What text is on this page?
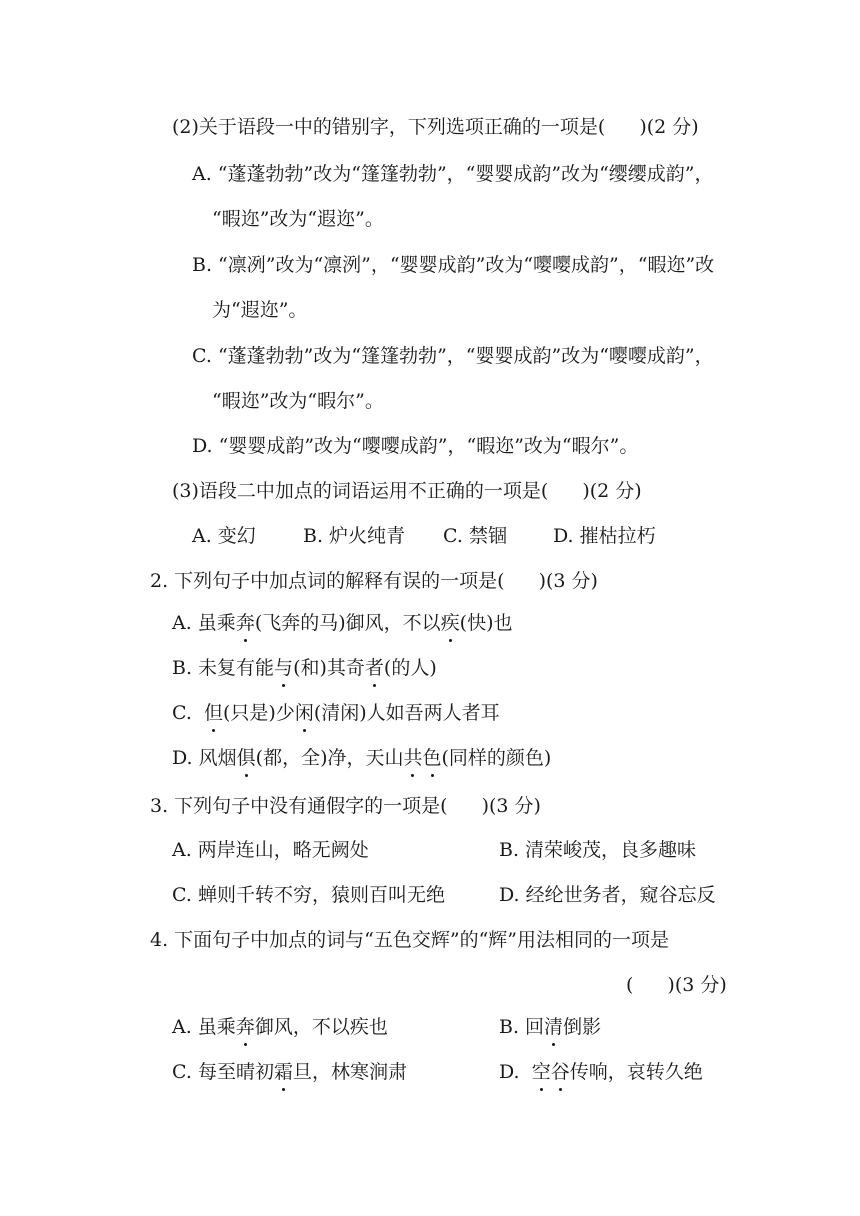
(2)关于语段一中的错别字，下列选项正确的一项是( )(2 分)
A. “蓬蓬勃勃”改为“篷篷勃勃”，“婴婴成韵”改为“缨缨成韵”，
“暇迩”改为“遐迩”。
B. “凛冽”改为“凛洌”，“婴婴成韵”改为“嘤嘤成韵”，“暇迩”改
为“遐迩”。
C. “蓬蓬勃勃”改为“篷篷勃勃”，“婴婴成韵”改为“嘤嘤成韵”，
“暇迩”改为“暇尔”。
D. “婴婴成韵”改为“嘤嘤成韵”，“暇迩”改为“暇尔”。
(3)语段二中加点的词语运用不正确的一项是( )(2 分)
A. 变幻 B. 炉火纯青 C. 禁锢 D. 摧枯拉朽
2. 下列句子中加点词的解释有误的一项是( )(3 分)
A. 虽乘奔(飞奔的马)御风，不以疾(快)也
B. 未复有能与(和)其奇者(的人)
C.  但(只是)少闲(清闲)人如吾两人者耳
D. 风烟俱(都，全)净，天山共色(同样的颜色)
3. 下列句子中没有通假字的一项是( )(3 分)
A. 两岸连山，略无阙处	B. 清荣峻茂，良多趣味
C. 蝉则千转不穷，猿则百叫无绝	D. 经纶世务者，窥谷忘反
4. 下面句子中加点的词与“五色交辉”的“辉”用法相同的一项是
( )(3 分)
A. 虽乘奔御风，不以疾也	B. 回清倒影
C. 每至晴初霜旦，林寒涧肃	D.  空谷传响，哀转久绝
